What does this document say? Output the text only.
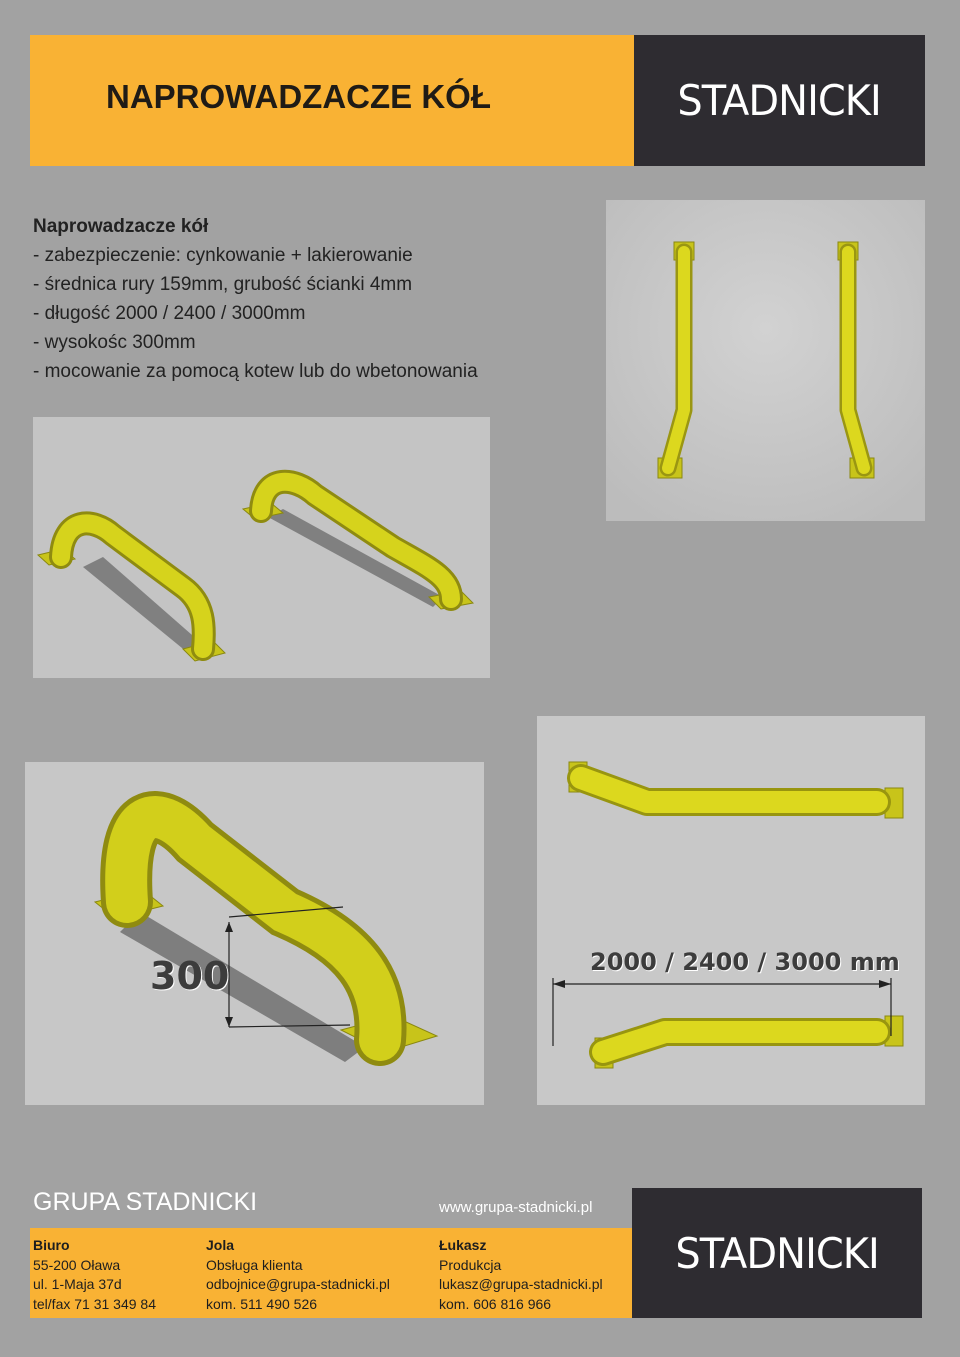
NAPROWADZACZE KÓŁ	STADNICKI
Naprowadzacze kół
- zabezpieczenie: cynkowanie + lakierowanie
- średnica rury 159mm, grubość ścianki 4mm
- długość 2000 / 2400 / 3000mm
- wysokośc 300mm
- mocowanie za pomocą kotew lub do wbetonowania
300	2000 / 2400 / 3000 mm
GRUPA STADNICKI	www.grupa-stadnicki.pl
STADNICKI
Biuro
55-200 Oława
ul. 1-Maja 37d
tel/fax 71 31 349 84
Jola
Obsługa klienta
odbojnice@grupa-stadnicki.pl
kom. 511 490 526
Łukasz
Produkcja
lukasz@grupa-stadnicki.pl
kom. 606 816 966
